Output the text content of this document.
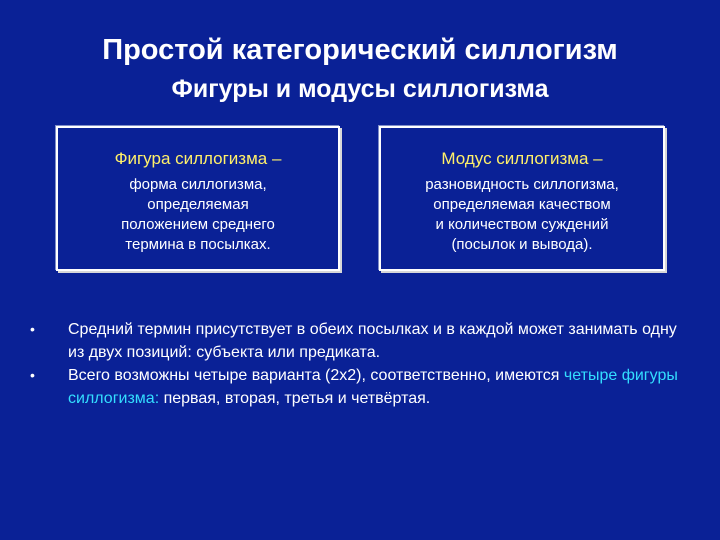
Простой категорический силлогизм
Фигуры и модусы силлогизма

Фигура силлогизма –

форма силлогизма,
определяемая
положением среднего
термина в посылках.

Модус силлогизма –

разновидность силлогизма,
определяемая качеством
и количеством суждений
(посылок и вывода).

•	Средний термин присутствует в обеих посылках и в каждой может занимать одну из двух позиций: субъекта или предиката.
•	Всего возможны четыре варианта (2х2), соответственно, имеются четыре фигуры силлогизма: первая, вторая, третья и четвёртая.
